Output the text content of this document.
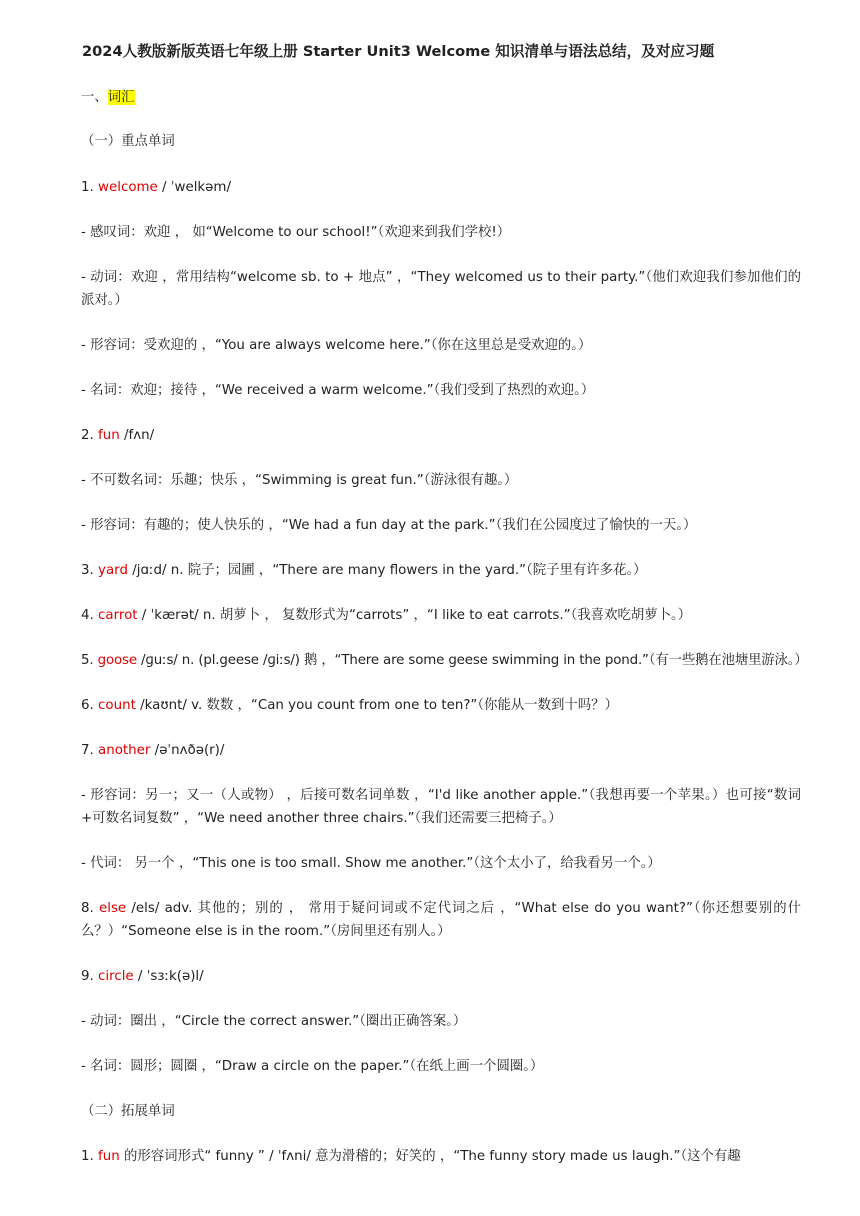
2024人教版新版英语七年级上册 Starter Unit3 Welcome 知识清单与语法总结，及对应习题
一、词汇
（一）重点单词
1. welcome / ˈwelkəm/
- 感叹词：欢迎 ， 如“Welcome to our school!”（欢迎来到我们学校!）
- 动词：欢迎 ，常用结构“welcome sb. to + 地点” ，“They welcomed us to their party.”（他们欢迎我们参加他们的派对。）
- 形容词：受欢迎的 ，“You are always welcome here.”（你在这里总是受欢迎的。）
- 名词：欢迎；接待 ，“We received a warm welcome.”（我们受到了热烈的欢迎。）
2. fun /fʌn/
- 不可数名词：乐趣；快乐 ，“Swimming is great fun.”（游泳很有趣。）
- 形容词：有趣的；使人快乐的 ，“We had a fun day at the park.”（我们在公园度过了愉快的一天。）
3. yard /jɑːd/ n. 院子；园圃 ，“There are many flowers in the yard.”（院子里有许多花。）
4. carrot / ˈkærət/ n. 胡萝卜 ， 复数形式为“carrots” ，“I like to eat carrots.”（我喜欢吃胡萝卜。）
5. goose /ɡuːs/ n. (pl.geese /ɡiːs/) 鹅 ，“There are some geese swimming in the pond.”（有一些鹅在池塘里游泳。）
6. count /kaʊnt/ v. 数数 ，“Can you count from one to ten?”（你能从一数到十吗？）
7. another /əˈnʌðə(r)/
- 形容词：另一；又一（人或物） ，后接可数名词单数 ，“I'd like another apple.”（我想再要一个苹果。）也可接“数词+可数名词复数” ，“We need another three chairs.”（我们还需要三把椅子。）
- 代词： 另一个 ，“This one is too small. Show me another.”（这个太小了，给我看另一个。）
8. else /els/ adv. 其他的；别的 ， 常用于疑问词或不定代词之后 ，“What else do you want?”（你还想要别的什么？）“Someone else is in the room.”（房间里还有别人。）
9. circle / ˈsɜːk(ə)l/
- 动词：圈出 ，“Circle the correct answer.”（圈出正确答案。）
- 名词：圆形；圆圈 ，“Draw a circle on the paper.”（在纸上画一个圆圈。）
（二）拓展单词
1. fun 的形容词形式“ funny ” / ˈfʌni/ 意为滑稽的；好笑的 ，“The funny story made us laugh.”（这个有趣
